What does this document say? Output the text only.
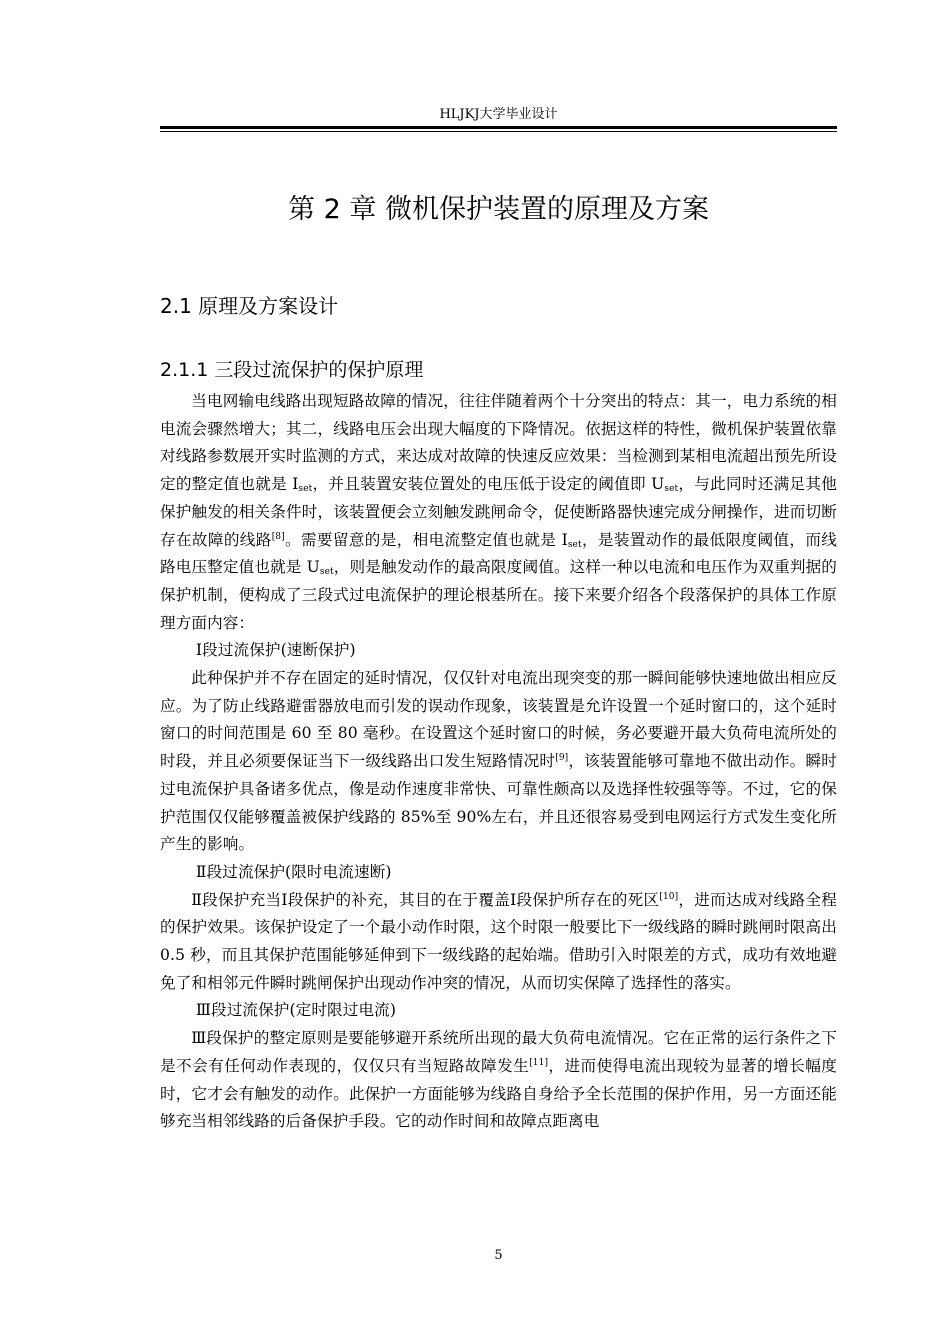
HLJKJ大学毕业设计
第 2 章 微机保护装置的原理及方案
2.1 原理及方案设计
2.1.1 三段过流保护的保护原理

当电网输电线路出现短路故障的情况，往往伴随着两个十分突出的特点：其一，电力系统的相电流会骤然增大；其二，线路电压会出现大幅度的下降情况。依据这样的特性，微机保护装置依靠对线路参数展开实时监测的方式，来达成对故障的快速反应效果：当检测到某相电流超出预先所设定的整定值也就是 $I_{set}$，并且装置安装位置处的电压低于设定的阈值即 $U_{set}$，与此同时还满足其他保护触发的相关条件时，该装置便会立刻触发跳闸命令，促使断路器快速完成分闸操作，进而切断存在故障的线路[8]。需要留意的是，相电流整定值也就是 $I_{set}$，是装置动作的最低限度阈值，而线路电压整定值也就是 $U_{set}$，则是触发动作的最高限度阈值。这样一种以电流和电压作为双重判据的保护机制，便构成了三段式过电流保护的理论根基所在。接下来要介绍各个段落保护的具体工作原理方面内容：

Ⅰ段过流保护(速断保护)

此种保护并不存在固定的延时情况，仅仅针对电流出现突变的那一瞬间能够快速地做出相应反应。为了防止线路避雷器放电而引发的误动作现象，该装置是允许设置一个延时窗口的，这个延时窗口的时间范围是 60 至 80 毫秒。在设置这个延时窗口的时候，务必要避开最大负荷电流所处的时段，并且必须要保证当下一级线路出口发生短路情况时[9]，该装置能够可靠地不做出动作。瞬时过电流保护具备诸多优点，像是动作速度非常快、可靠性颇高以及选择性较强等等。不过，它的保护范围仅仅能够覆盖被保护线路的 85%至 90%左右，并且还很容易受到电网运行方式发生变化所产生的影响。

Ⅱ段过流保护(限时电流速断)

Ⅱ段保护充当Ⅰ段保护的补充，其目的在于覆盖Ⅰ段保护所存在的死区[10]，进而达成对线路全程的保护效果。该保护设定了一个最小动作时限，这个时限一般要比下一级线路的瞬时跳闸时限高出 0.5 秒，而且其保护范围能够延伸到下一级线路的起始端。借助引入时限差的方式，成功有效地避免了和相邻元件瞬时跳闸保护出现动作冲突的情况，从而切实保障了选择性的落实。

Ⅲ段过流保护(定时限过电流)

Ⅲ段保护的整定原则是要能够避开系统所出现的最大负荷电流情况。它在正常的运行条件之下是不会有任何动作表现的，仅仅只有当短路故障发生[11]，进而使得电流出现较为显著的增长幅度时，它才会有触发的动作。此保护一方面能够为线路自身给予全长范围的保护作用，另一方面还能够充当相邻线路的后备保护手段。它的动作时间和故障点距离电

5
